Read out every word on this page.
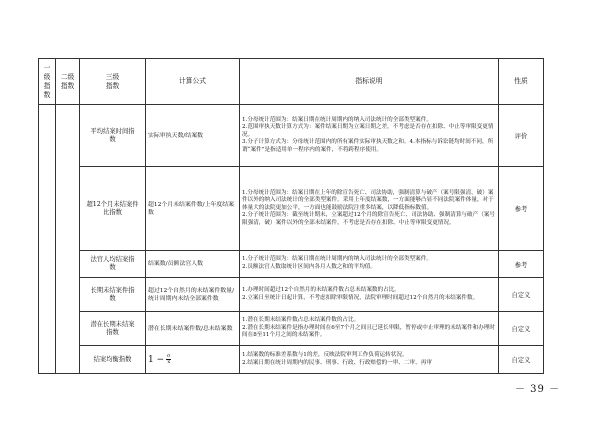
一级指数	二级指数	三级指数	计算公式	指标说明	性质
		平均结案时间指数	实际审执天数/结案数	1.分母统计范围为：结案日期在统计周期内的纳入司法统计的全部类型案件。
2.范围审执天数计算方式为：案件结案日期为立案日期之差，不考虑是否存在扣除、中止等审限变更情况。
3.分子计算方式为：分母统计范围内的所有案件实际审执天数之和。4.本指标与诉讼链均时间不同，所谓“案件”是指适用单一程序内的案件，不将跨程序使用。	评价
		超12个月未结案件比指数	超12个月未结案件数/上年度结案数	1.分母统计范围为：结案日期在上年的除宣告死亡、司法协助，强制清算与破产（案号限强清，破）案件以外的纳入司法统计的全部类型案件。采用上年度结案数，一方面能够凸显不同法院案件体量，对于体量大的法院更加公平，一方面也能鼓励法院注重多结案，以降低指标数值。
2.分子统计范围为：截至统计期末，立案超过12个月的除宣告死亡、司法协助、强制清算与破产（案号限强清，破）案件以外的全部未结案件，不考虑是否存在扣除、中止等审限变更情况。	参考
		法官人均结案指数	结案数/员额法官人数	1.分子统计范围为：结案日期在统计周期内的纳入司法统计的全部类型案件。
2.员额法官人数取统计区间内各月人数之和的平均值。	参考
		长期未结案件指数	超过12个自然月的未结案件数量/统计周期内未结全部案件数	1.办理时间超过12个自然月的未结案件数占总未结案数的占比。
2.立案日至统计日起计算，不考虑扣除审限情况，法院审理时间超过12个自然月的未结案件数。	自定义
		潜在长期未结案指数	潜在长期未结案件数/总未结案数	1.潜在长期未结案件数占总未结案件数的占比。
2.潜在长期未结案件是指办理时间在6至7个月之间且已延长审限，暂停或中止审理的未结案件和办理时间在8至11个月之间的未结案件。	自定义
		结案均衡指数	$1 - \frac{\sigma}{x̄}$	1.结案数的标准差系数与1的差，反映法院审判工作负荷运转状况。
2.结案日期在统计周期内的民事、刑事、行政、行政赔偿的一审、二审、再审	自定义
－ 39 －
